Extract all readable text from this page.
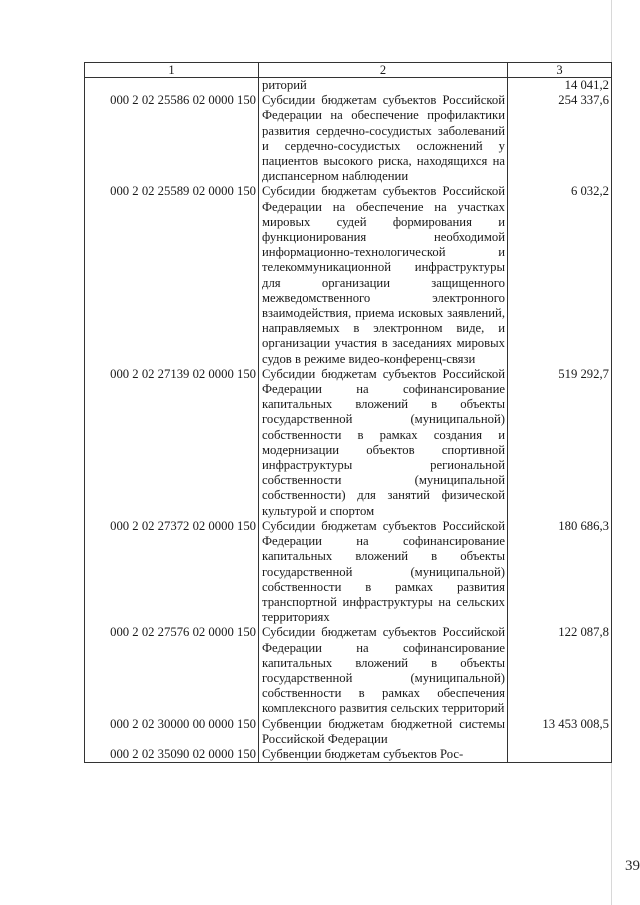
1	2	3
	риторий	14 041,2
000 2 02 25586 02 0000 150	Субсидии бюджетам субъектов Российской Федерации на обеспечение профилактики развития сердечно-сосудистых заболеваний и сердечно-сосудистых осложнений у пациентов высокого риска, находящихся на диспансерном наблюдении	254 337,6
000 2 02 25589 02 0000 150	Субсидии бюджетам субъектов Российской Федерации на обеспечение на участках мировых судей формирования и функционирования необходимой информационно-технологической и телекоммуникационной инфраструктуры для организации защищенного межведомственного электронного взаимодействия, приема исковых заявлений, направляемых в электронном виде, и организации участия в заседаниях мировых судов в режиме видео-конференц-связи	6 032,2
000 2 02 27139 02 0000 150	Субсидии бюджетам субъектов Российской Федерации на софинансирование капитальных вложений в объекты государственной (муниципальной) собственности в рамках создания и модернизации объектов спортивной инфраструктуры региональной собственности (муниципальной собственности) для занятий физической культурой и спортом	519 292,7
000 2 02 27372 02 0000 150	Субсидии бюджетам субъектов Российской Федерации на софинансирование капитальных вложений в объекты государственной (муниципальной) собственности в рамках развития транспортной инфраструктуры на сельских территориях	180 686,3
000 2 02 27576 02 0000 150	Субсидии бюджетам субъектов Российской Федерации на софинансирование капитальных вложений в объекты государственной (муниципальной) собственности в рамках обеспечения комплексного развития сельских территорий	122 087,8
000 2 02 30000 00 0000 150	Субвенции бюджетам бюджетной системы Российской Федерации	13 453 008,5
000 2 02 35090 02 0000 150	Субвенции бюджетам субъектов Рос-	
39
